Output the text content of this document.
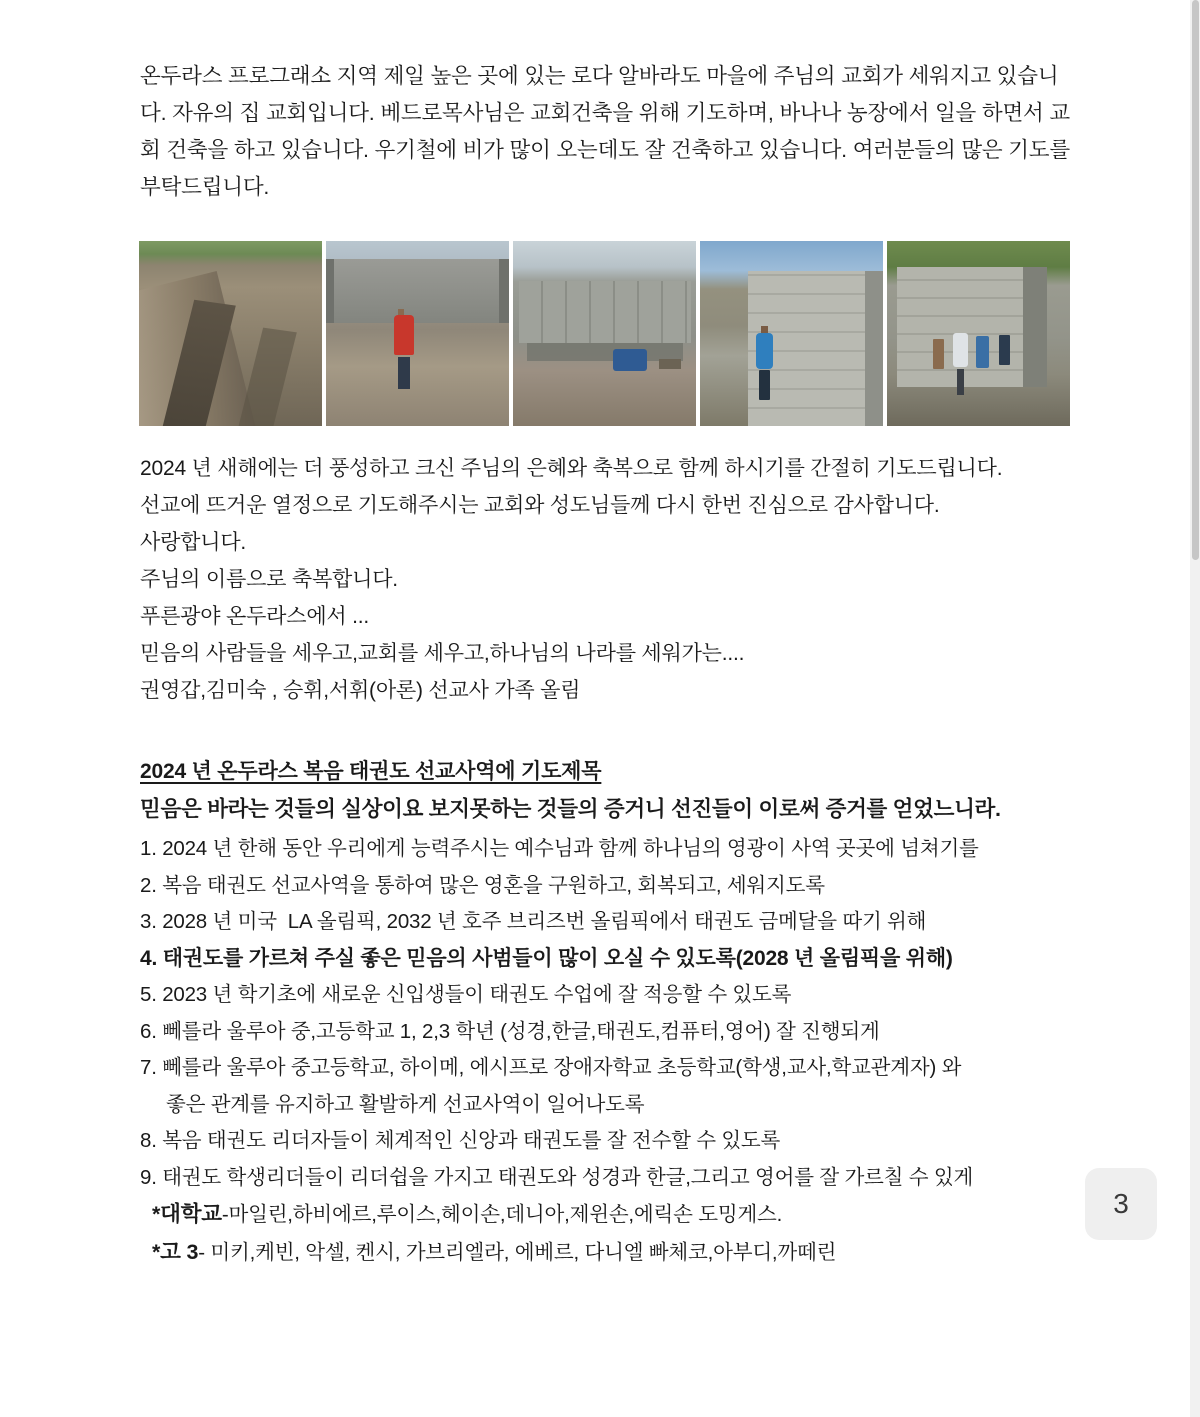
온두라스 프로그래소 지역 제일 높은 곳에 있는 로다 알바라도 마을에 주님의 교회가 세워지고 있습니다. 자유의 집 교회입니다. 베드로목사님은 교회건축을 위해 기도하며, 바나나 농장에서 일을 하면서 교회 건축을 하고 있습니다. 우기철에 비가 많이 오는데도 잘 건축하고 있습니다. 여러분들의 많은 기도를 부탁드립니다.

2024 년 새해에는 더 풍성하고 크신 주님의 은혜와 축복으로 함께 하시기를 간절히 기도드립니다.

선교에 뜨거운 열정으로 기도해주시는 교회와 성도님들께 다시 한번 진심으로 감사합니다.

사랑합니다.

주님의 이름으로 축복합니다.

푸른광야 온두라스에서 ...

믿음의 사람들을 세우고,교회를 세우고,하나님의 나라를 세워가는....

권영갑,김미숙 , 승휘,서휘(아론) 선교사 가족 올림

2024 년 온두라스 복음 태권도 선교사역에 기도제목

믿음은 바라는 것들의 실상이요 보지못하는 것들의 증거니 선진들이 이로써 증거를 얻었느니라.

1. 2024 년 한해 동안 우리에게 능력주시는 예수님과 함께 하나님의 영광이 사역 곳곳에 넘쳐기를
2. 복음 태권도 선교사역을 통하여 많은 영혼을 구원하고, 회복되고, 세워지도록
3. 2028 년 미국  LA 올림픽, 2032 년 호주 브리즈번 올림픽에서 태권도 금메달을 따기 위해
4. 태권도를 가르쳐 주실 좋은 믿음의 사범들이 많이 오실 수 있도록(2028 년 올림픽을 위해)
5. 2023 년 학기초에 새로운 신입생들이 태권도 수업에 잘 적응할 수 있도록
6. 뻬를라 울루아 중,고등학교 1, 2,3 학년 (성경,한글,태권도,컴퓨터,영어) 잘 진행되게
7. 뻬를라 울루아 중고등학교, 하이메, 에시프로 장애자학교 초등학교(학생,교사,학교관계자) 와
좋은 관계를 유지하고 활발하게 선교사역이 일어나도록
8. 복음 태권도 리더자들이 체계적인 신앙과 태권도를 잘 전수할 수 있도록
9. 태권도 학생리더들이 리더쉽을 가지고 태권도와 성경과 한글,그리고 영어를 잘 가르칠 수 있게
*대학교-마일린,하비에르,루이스,헤이손,데니아,제윈손,에릭손 도밍게스.
*고 3- 미키,케빈, 악셀, 켄시, 가브리엘라, 에베르, 다니엘 빠체코,아부디,까떼린
3
